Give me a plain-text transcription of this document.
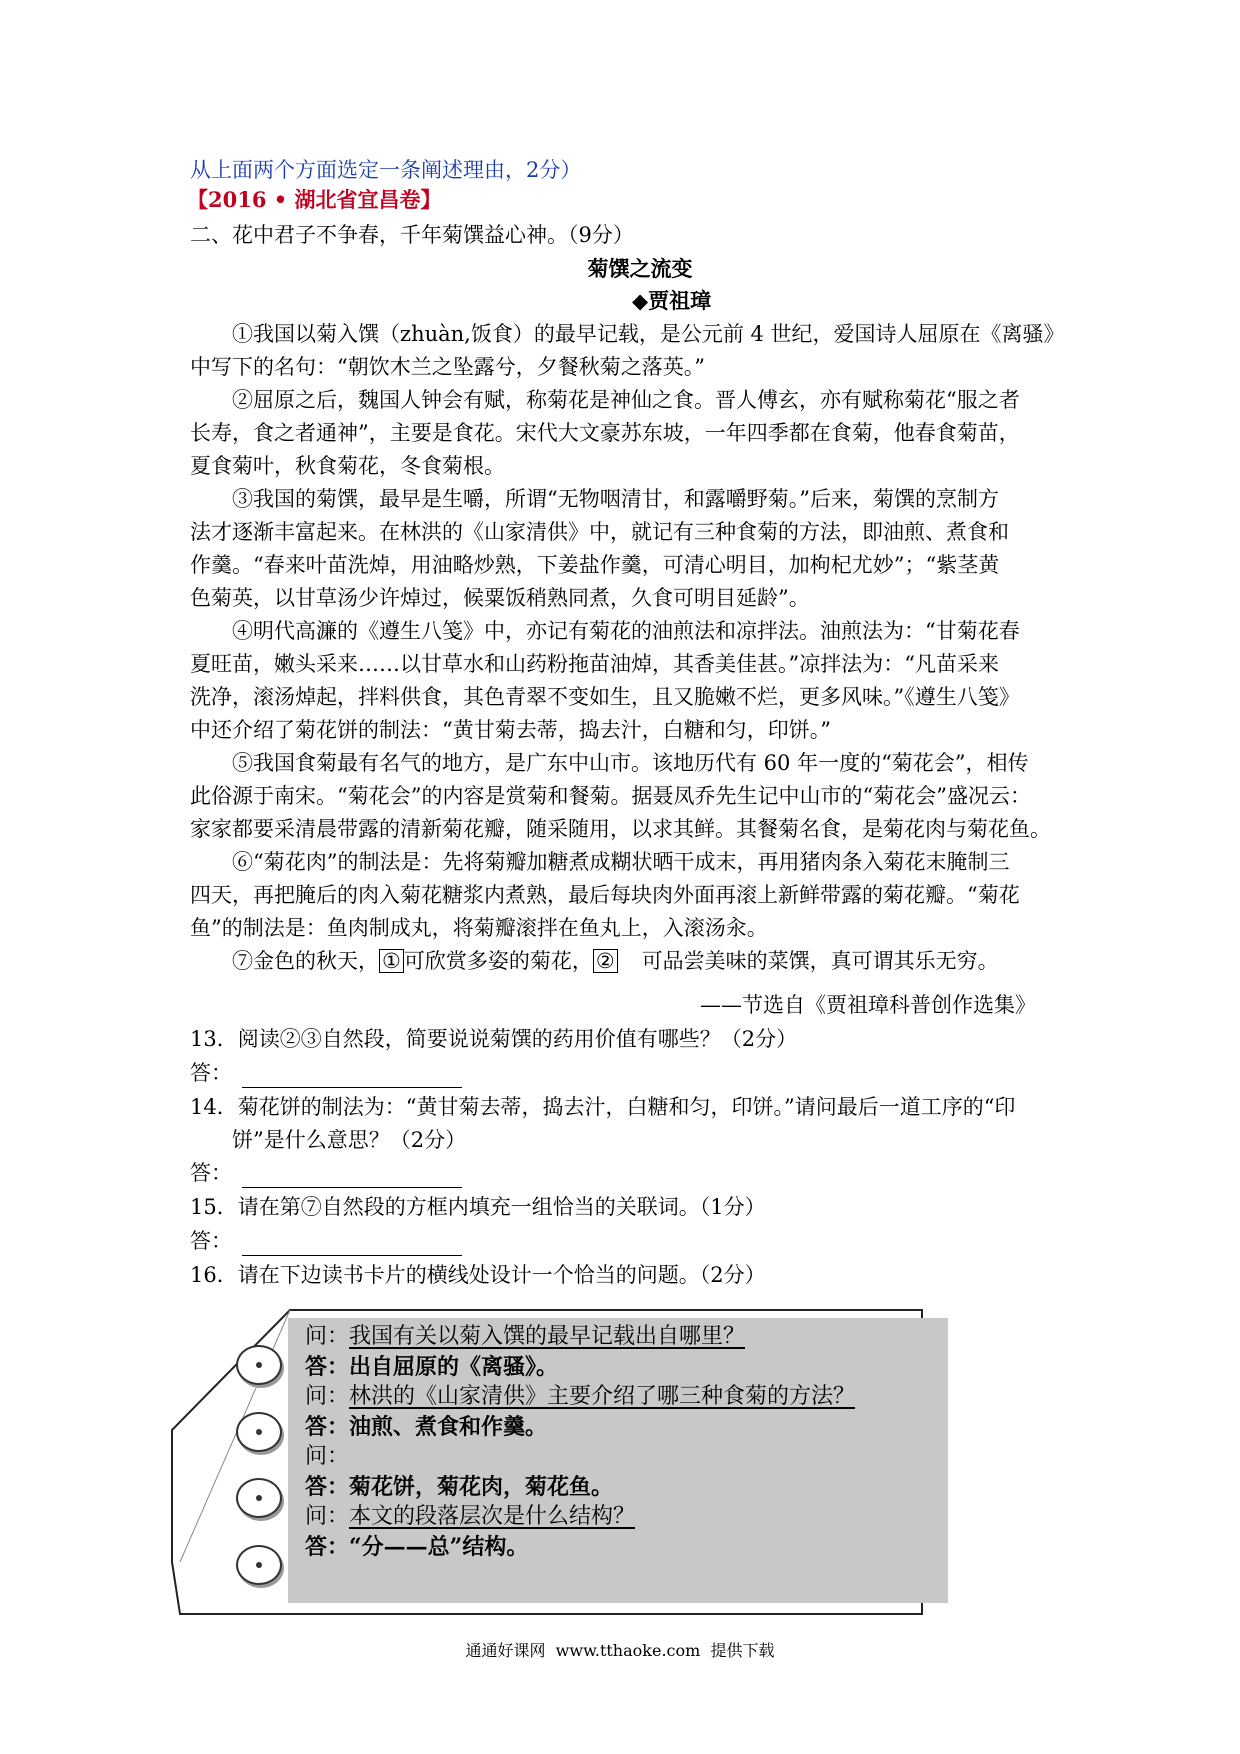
从上面两个方面选定一条阐述理由，2分）
【2016 • 湖北省宜昌卷】
二、花中君子不争春，千年菊馔益心神。（9分）
菊馔之流变
◆贾祖璋
①我国以菊入馔（zhuàn,饭食）的最早记载，是公元前 4 世纪，爱国诗人屈原在《离骚》
中写下的名句：“朝饮木兰之坠露兮，夕餐秋菊之落英。”
②屈原之后，魏国人钟会有赋，称菊花是神仙之食。晋人傅玄，亦有赋称菊花“服之者
长寿，食之者通神”，主要是食花。宋代大文豪苏东坡，一年四季都在食菊，他春食菊苗，
夏食菊叶，秋食菊花，冬食菊根。
③我国的菊馔，最早是生嚼，所谓“无物咽清甘，和露嚼野菊。”后来，菊馔的烹制方
法才逐渐丰富起来。在林洪的《山家清供》中，就记有三种食菊的方法，即油煎、煮食和
作羹。“春来叶苗洗焯，用油略炒熟，下姜盐作羹，可清心明目，加枸杞尤妙”；“紫茎黄
色菊英，以甘草汤少许焯过，候粟饭稍熟同煮，久食可明目延龄”。
④明代高濂的《遵生八笺》中，亦记有菊花的油煎法和凉拌法。油煎法为：“甘菊花春
夏旺苗，嫩头采来……以甘草水和山药粉拖苗油焯，其香美佳甚。”凉拌法为：“凡苗采来
洗净，滚汤焯起，拌料供食，其色青翠不变如生，且又脆嫩不烂，更多风味。”《遵生八笺》
中还介绍了菊花饼的制法：“黄甘菊去蒂，捣去汁，白糖和匀，印饼。”
⑤我国食菊最有名气的地方，是广东中山市。该地历代有 60 年一度的“菊花会”，相传
此俗源于南宋。“菊花会”的内容是赏菊和餐菊。据聂凤乔先生记中山市的“菊花会”盛况云：
家家都要采清晨带露的清新菊花瓣，随采随用，以求其鲜。其餐菊名食，是菊花肉与菊花鱼。
⑥“菊花肉”的制法是：先将菊瓣加糖煮成糊状晒干成末，再用猪肉条入菊花末腌制三
四天，再把腌后的肉入菊花糖浆内煮熟，最后每块肉外面再滚上新鲜带露的菊花瓣。“菊花
鱼”的制法是：鱼肉制成丸，将菊瓣滚拌在鱼丸上，入滚汤汆。
⑦金色的秋天， ① 可欣赏多姿的菊花， ② 可品尝美味的菜馔，真可谓其乐无穷。
——节选自《贾祖璋科普创作选集》
13．阅读②③自然段，简要说说菊馔的药用价值有哪些？（2分）
答：
14．菊花饼的制法为：“黄甘菊去蒂，捣去汁，白糖和匀，印饼。”请问最后一道工序的“印
饼”是什么意思？（2分）
答：
15．请在第⑦自然段的方框内填充一组恰当的关联词。（1分）
答：
16．请在下边读书卡片的横线处设计一个恰当的问题。（2分）
问：我国有关以菊入馔的最早记载出自哪里？
答：出自屈原的《离骚》。
问：林洪的《山家清供》主要介绍了哪三种食菊的方法？
答：油煎、煮食和作羹。
问：
答：菊花饼，菊花肉，菊花鱼。
问：本文的段落层次是什么结构？
答：“分——总”结构。
通通好课网  www.tthaoke.com  提供下载
